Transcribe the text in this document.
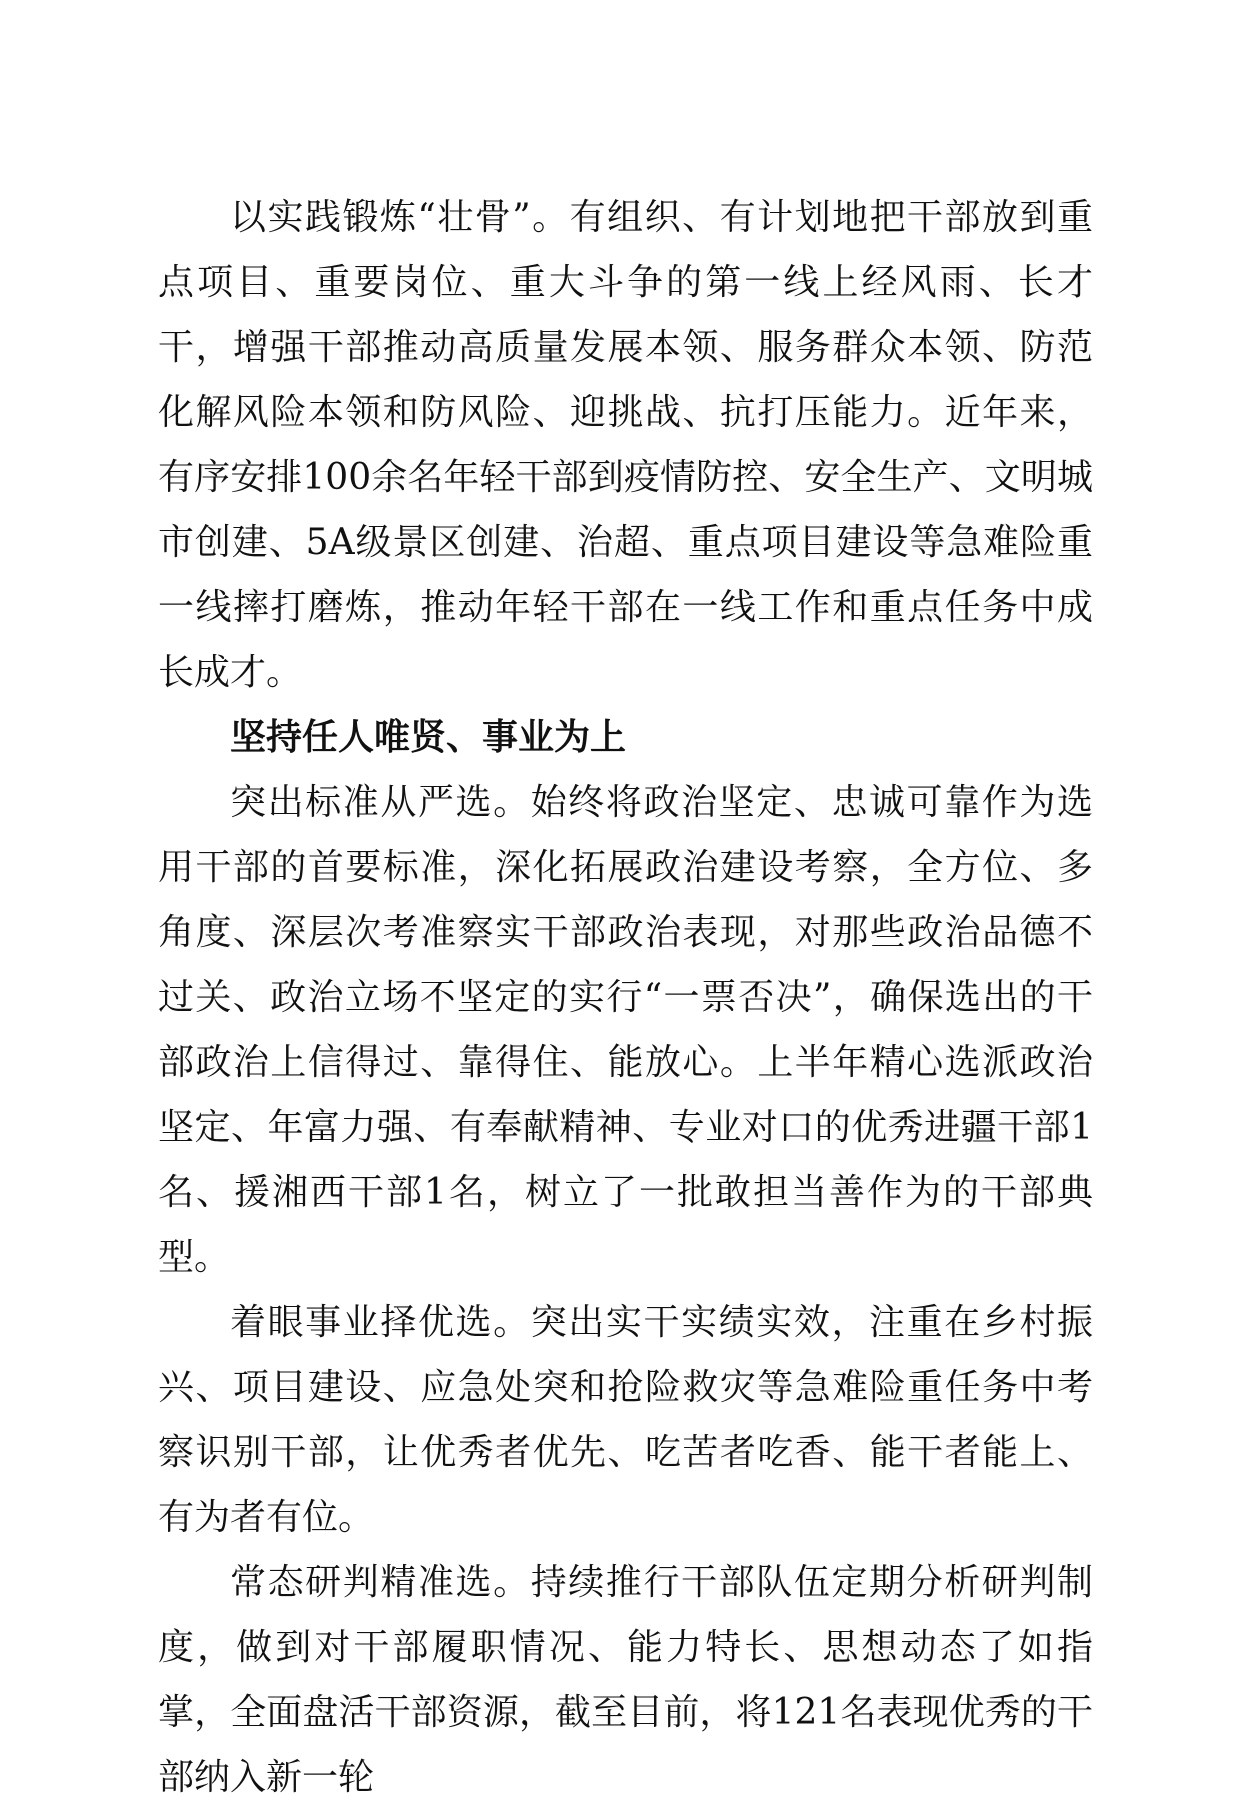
以实践锻炼“壮骨”。有组织、有计划地把干部放到重点项目、重要岗位、重大斗争的第一线上经风雨、长才干，增强干部推动高质量发展本领、服务群众本领、防范化解风险本领和防风险、迎挑战、抗打压能力。近年来，有序安排100余名年轻干部到疫情防控、安全生产、文明城市创建、5A级景区创建、治超、重点项目建设等急难险重一线摔打磨炼，推动年轻干部在一线工作和重点任务中成长成才。

坚持任人唯贤、事业为上

突出标准从严选。始终将政治坚定、忠诚可靠作为选用干部的首要标准，深化拓展政治建设考察，全方位、多角度、深层次考准察实干部政治表现，对那些政治品德不过关、政治立场不坚定的实行“一票否决”，确保选出的干部政治上信得过、靠得住、能放心。上半年精心选派政治坚定、年富力强、有奉献精神、专业对口的优秀进疆干部1名、援湘西干部1名，树立了一批敢担当善作为的干部典型。

着眼事业择优选。突出实干实绩实效，注重在乡村振兴、项目建设、应急处突和抢险救灾等急难险重任务中考察识别干部，让优秀者优先、吃苦者吃香、能干者能上、有为者有位。

常态研判精准选。持续推行干部队伍定期分析研判制度，做到对干部履职情况、能力特长、思想动态了如指掌，全面盘活干部资源，截至目前，将121名表现优秀的干部纳入新一轮
